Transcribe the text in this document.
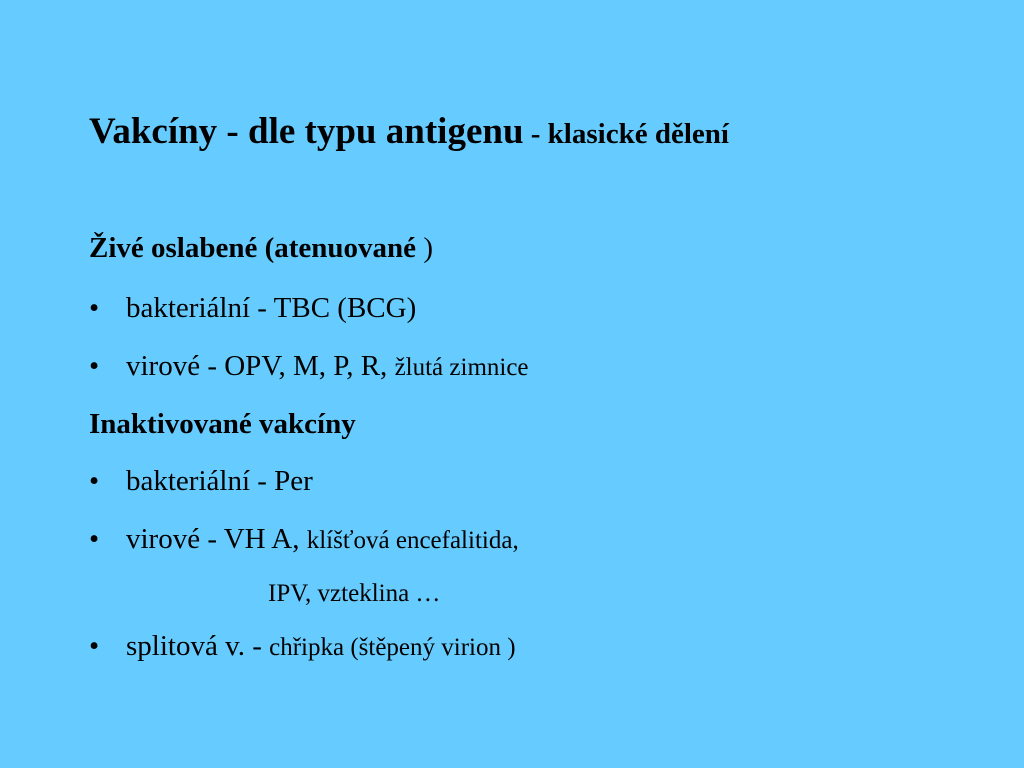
Vakcíny - dle typu antigenu - klasické dělení
Živé oslabené (atenuované )
• bakteriální - TBC (BCG)
• virové - OPV, M, P, R, žlutá zimnice
Inaktivované vakcíny
• bakteriální - Per
• virové - VH A, klíšťová encefalitida,
IPV, vzteklina …
• splitová v. - chřipka (štěpený virion )
